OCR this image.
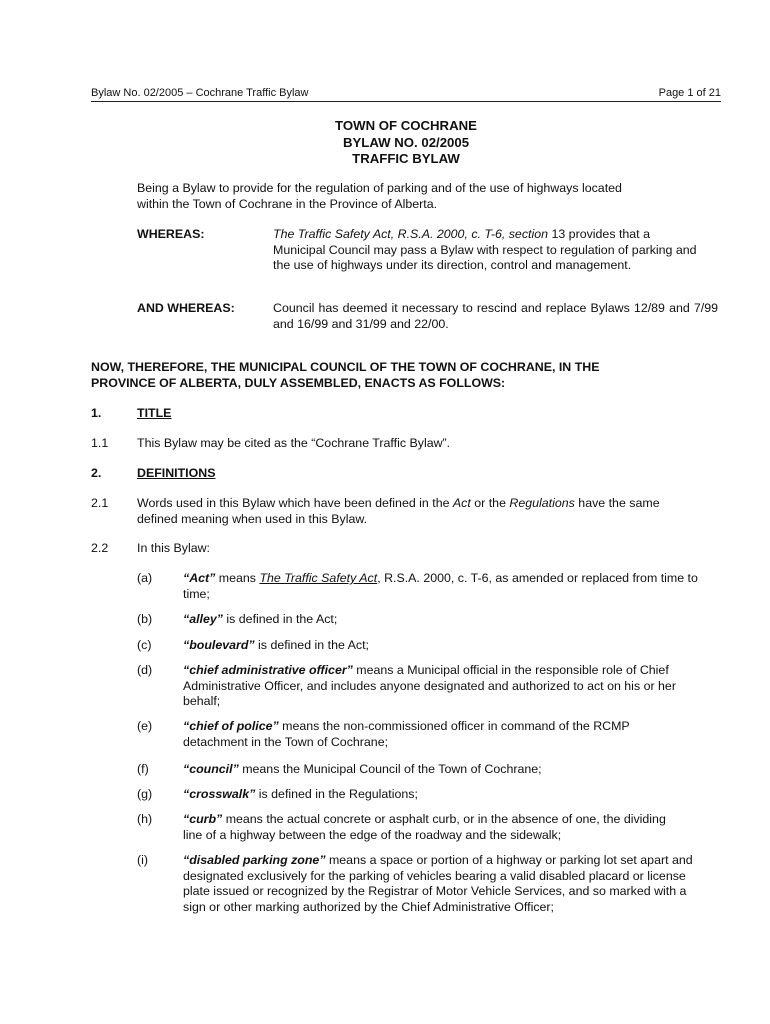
Bylaw No. 02/2005 – Cochrane Traffic Bylaw	Page 1 of 21
TOWN OF COCHRANE
BYLAW NO. 02/2005
TRAFFIC BYLAW
Being a Bylaw to provide for the regulation of parking and of the use of highways located within the Town of Cochrane in the Province of Alberta.
WHEREAS:	The Traffic Safety Act, R.S.A. 2000, c. T-6, section 13 provides that a Municipal Council may pass a Bylaw with respect to regulation of parking and the use of highways under its direction, control and management.
AND WHEREAS:	Council has deemed it necessary to rescind and replace Bylaws 12/89 and 7/99 and 16/99 and 31/99 and 22/00.
NOW, THEREFORE, THE MUNICIPAL COUNCIL OF THE TOWN OF COCHRANE, IN THE PROVINCE OF ALBERTA, DULY ASSEMBLED, ENACTS AS FOLLOWS:
1.	TITLE
1.1 This Bylaw may be cited as the “Cochrane Traffic Bylaw”.
2.	DEFINITIONS
2.1 Words used in this Bylaw which have been defined in the Act or the Regulations have the same defined meaning when used in this Bylaw.
2.2 In this Bylaw:
(a) “Act” means The Traffic Safety Act, R.S.A. 2000, c. T-6, as amended or replaced from time to time;
(b) “alley” is defined in the Act;
(c)	“boulevard” is defined in the Act;
(d) “chief administrative officer” means a Municipal official in the responsible role of Chief Administrative Officer, and includes anyone designated and authorized to act on his or her behalf;
(e) “chief of police” means the non-commissioned officer in command of the RCMP detachment in the Town of Cochrane;
(f)	“council” means the Municipal Council of the Town of Cochrane;
(g) “crosswalk” is defined in the Regulations;
(h) “curb” means the actual concrete or asphalt curb, or in the absence of one, the dividing line of a highway between the edge of the roadway and the sidewalk;
(i)	“disabled parking zone” means a space or portion of a highway or parking lot set apart and designated exclusively for the parking of vehicles bearing a valid disabled placard or license plate issued or recognized by the Registrar of Motor Vehicle Services, and so marked with a sign or other marking authorized by the Chief Administrative Officer;
